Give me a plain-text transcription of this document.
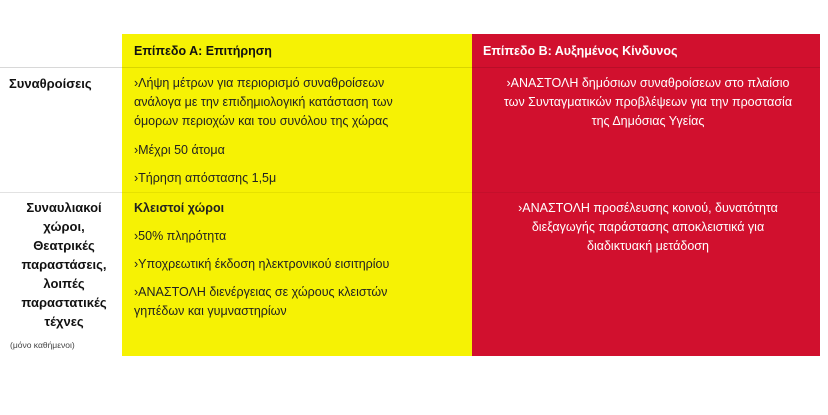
Επίπεδο Α: Επιτήρηση	Επίπεδο Β: Αυξημένος Κίνδυνος
Συναθροίσεις	›Λήψη μέτρων για περιορισμό συναθροίσεων
ανάλογα με την επιδημιολογική κατάσταση των
όμορων περιοχών και του συνόλου της χώρας
›Μέχρι 50 άτομα
›Τήρηση απόστασης 1,5μ
›ΑΝΑΣΤΟΛΗ δημόσιων συναθροίσεων στο πλαίσιο
των Συνταγματικών προβλέψεων για την προστασία
της Δημόσιας Υγείας
Συναυλιακοί
χώροι,
Θεατρικές
παραστάσεις,
λοιπές
παραστατικές
τέχνες
(μόνο καθήμενοι)
Κλειστοί χώροι
›50% πληρότητα
›Υποχρεωτική έκδοση ηλεκτρονικού εισιτηρίου
›ΑΝΑΣΤΟΛΗ διενέργειας σε χώρους κλειστών
γηπέδων και γυμναστηρίων
›ΑΝΑΣΤΟΛΗ προσέλευσης κοινού, δυνατότητα
διεξαγωγής παράστασης αποκλειστικά για
διαδικτυακή μετάδοση
